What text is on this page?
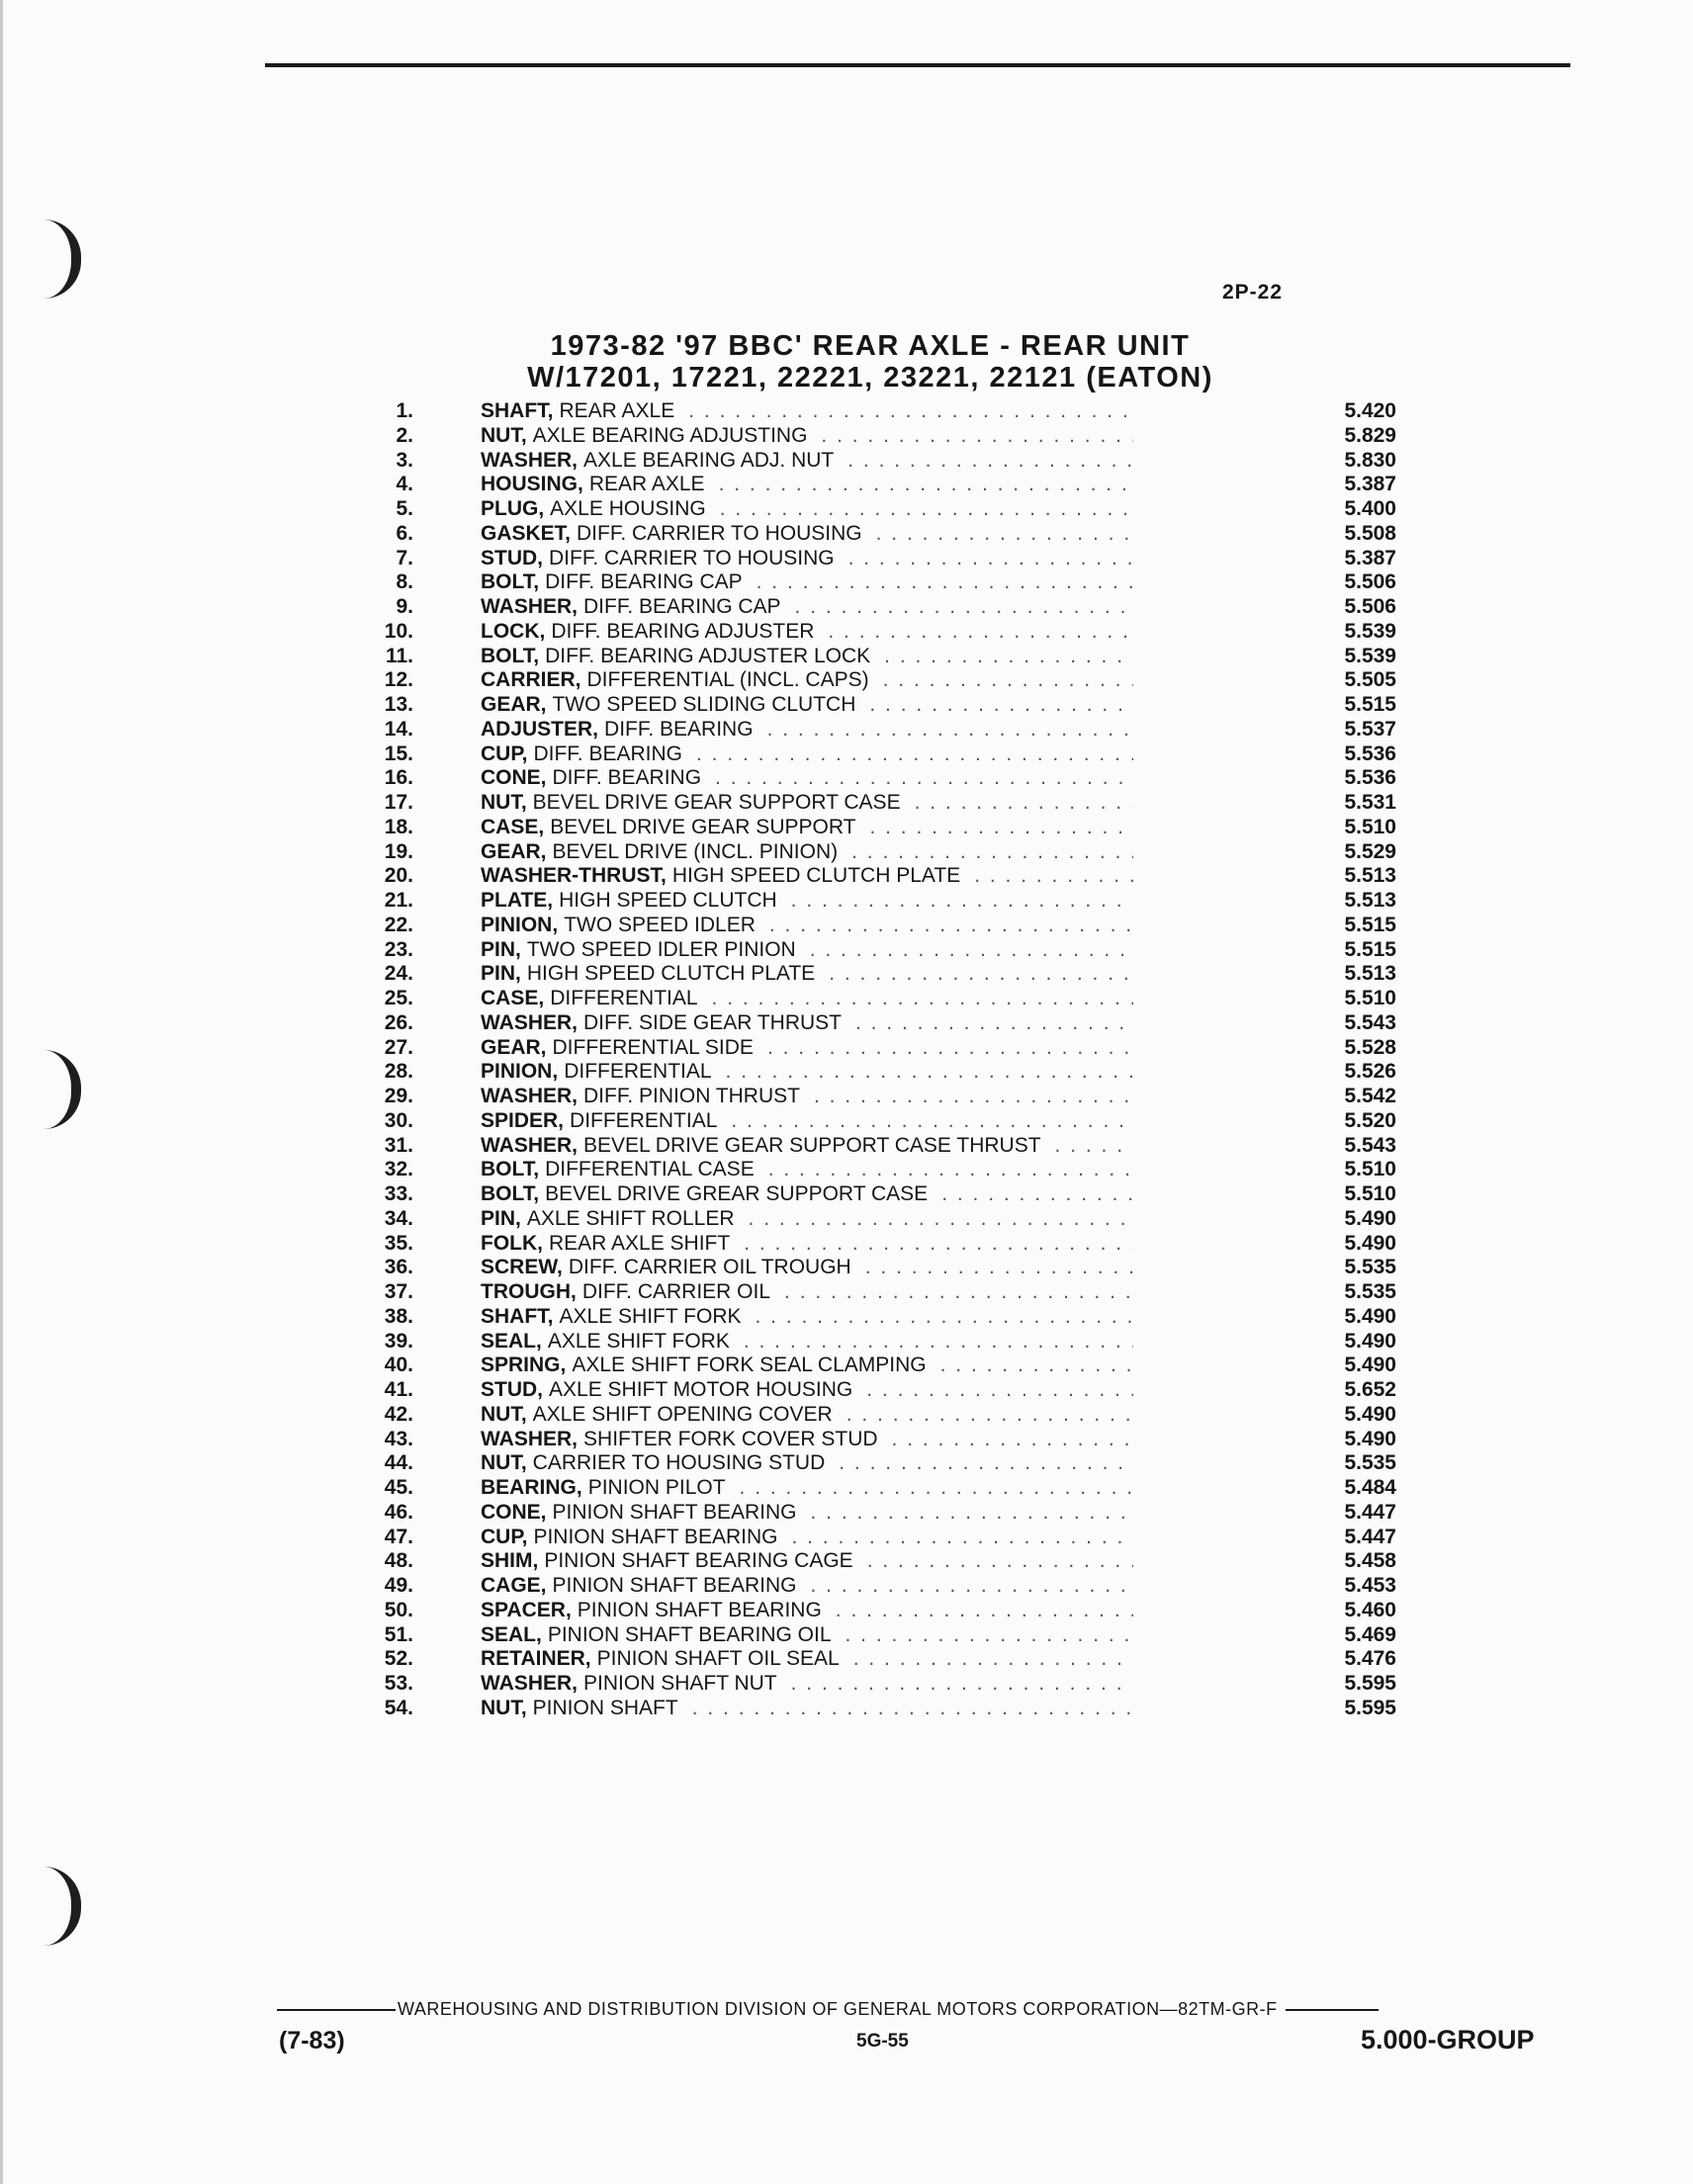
2P-22
1973-82 '97 BBC' REAR AXLE - REAR UNIT
W/17201, 17221, 22221, 23221, 22121 (EATON)
1.	SHAFT, REAR AXLE . . .	5.420
2.	NUT, AXLE BEARING ADJUSTING . . .	5.829
3.	WASHER, AXLE BEARING ADJ. NUT . . .	5.830
4.	HOUSING, REAR AXLE . . .	5.387
5.	PLUG, AXLE HOUSING . . .	5.400
6.	GASKET, DIFF. CARRIER TO HOUSING . . .	5.508
7.	STUD, DIFF. CARRIER TO HOUSING . . .	5.387
8.	BOLT, DIFF. BEARING CAP . . .	5.506
9.	WASHER, DIFF. BEARING CAP . . .	5.506
10.	LOCK, DIFF. BEARING ADJUSTER . . .	5.539
11.	BOLT, DIFF. BEARING ADJUSTER LOCK . . .	5.539
12.	CARRIER, DIFFERENTIAL (INCL. CAPS) . . .	5.505
13.	GEAR, TWO SPEED SLIDING CLUTCH . . .	5.515
14.	ADJUSTER, DIFF. BEARING . . .	5.537
15.	CUP, DIFF. BEARING . . .	5.536
16.	CONE, DIFF. BEARING . . .	5.536
17.	NUT, BEVEL DRIVE GEAR SUPPORT CASE . . .	5.531
18.	CASE, BEVEL DRIVE GEAR SUPPORT . . .	5.510
19.	GEAR, BEVEL DRIVE (INCL. PINION) . . .	5.529
20.	WASHER-THRUST, HIGH SPEED CLUTCH PLATE . . .	5.513
21.	PLATE, HIGH SPEED CLUTCH . . .	5.513
22.	PINION, TWO SPEED IDLER . . .	5.515
23.	PIN, TWO SPEED IDLER PINION . . .	5.515
24.	PIN, HIGH SPEED CLUTCH PLATE . . .	5.513
25.	CASE, DIFFERENTIAL . . .	5.510
26.	WASHER, DIFF. SIDE GEAR THRUST . . .	5.543
27.	GEAR, DIFFERENTIAL SIDE . . .	5.528
28.	PINION, DIFFERENTIAL . . .	5.526
29.	WASHER, DIFF. PINION THRUST . . .	5.542
30.	SPIDER, DIFFERENTIAL . . .	5.520
31.	WASHER, BEVEL DRIVE GEAR SUPPORT CASE THRUST . . .	5.543
32.	BOLT, DIFFERENTIAL CASE . . .	5.510
33.	BOLT, BEVEL DRIVE GREAR SUPPORT CASE . . .	5.510
34.	PIN, AXLE SHIFT ROLLER . . .	5.490
35.	FOLK, REAR AXLE SHIFT . . .	5.490
36.	SCREW, DIFF. CARRIER OIL TROUGH . . .	5.535
37.	TROUGH, DIFF. CARRIER OIL . . .	5.535
38.	SHAFT, AXLE SHIFT FORK . . .	5.490
39.	SEAL, AXLE SHIFT FORK . . .	5.490
40.	SPRING, AXLE SHIFT FORK SEAL CLAMPING . . .	5.490
41.	STUD, AXLE SHIFT MOTOR HOUSING . . .	5.652
42.	NUT, AXLE SHIFT OPENING COVER . . .	5.490
43.	WASHER, SHIFTER FORK COVER STUD . . .	5.490
44.	NUT, CARRIER TO HOUSING STUD . . .	5.535
45.	BEARING, PINION PILOT . . .	5.484
46.	CONE, PINION SHAFT BEARING . . .	5.447
47.	CUP, PINION SHAFT BEARING . . .	5.447
48.	SHIM, PINION SHAFT BEARING CAGE . . .	5.458
49.	CAGE, PINION SHAFT BEARING . . .	5.453
50.	SPACER, PINION SHAFT BEARING . . .	5.460
51.	SEAL, PINION SHAFT BEARING OIL . . .	5.469
52.	RETAINER, PINION SHAFT OIL SEAL . . .	5.476
53.	WASHER, PINION SHAFT NUT . . .	5.595
54.	NUT, PINION SHAFT . . .	5.595
WAREHOUSING AND DISTRIBUTION DIVISION OF GENERAL MOTORS CORPORATION—82TM-GR-F
(7-83)	5G-55	5.000-GROUP
